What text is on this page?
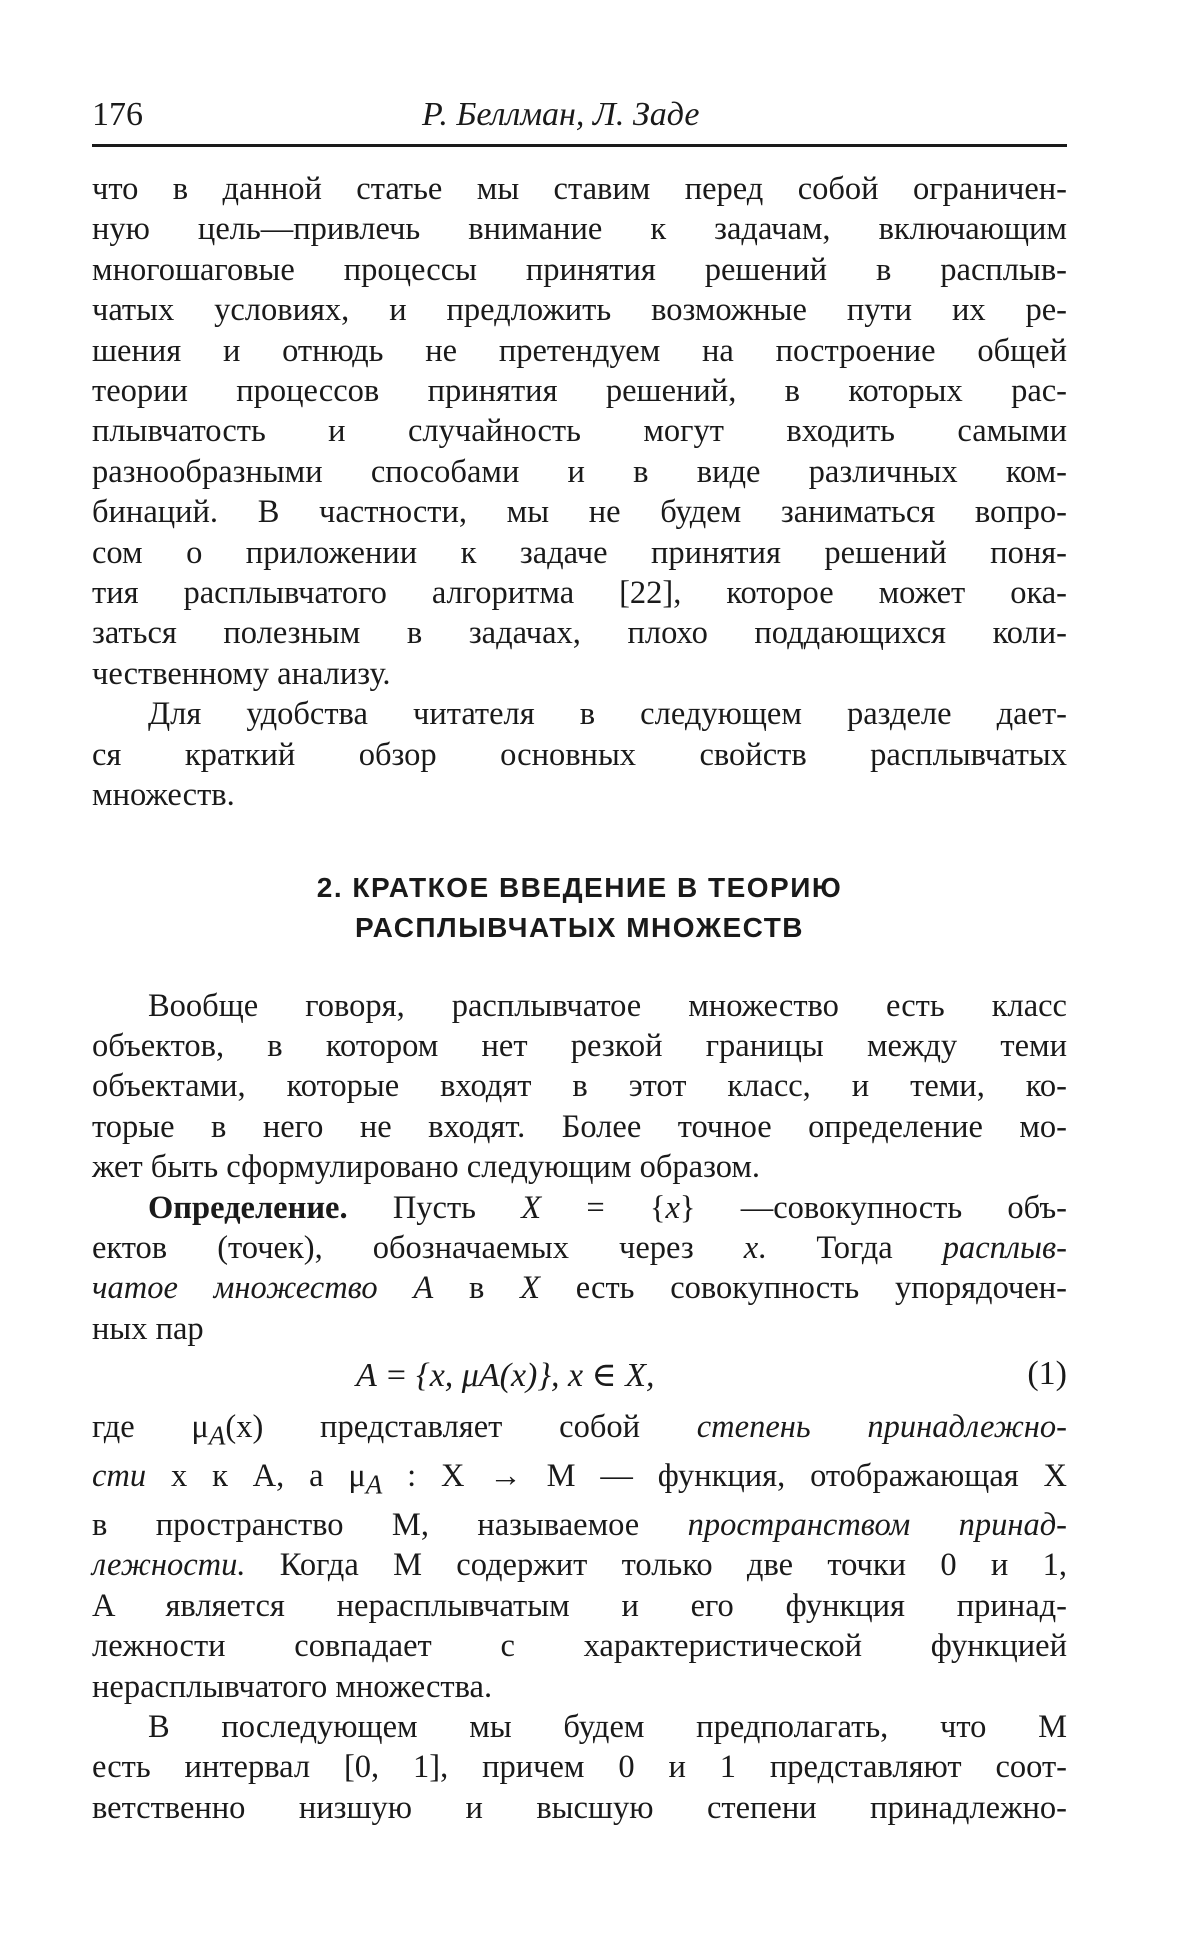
176	Р. Беллман, Л. Заде

что в данной статье мы ставим перед собой ограничен-
ную цель—привлечь внимание к задачам, включающим
многошаговые процессы принятия решений в расплыв-
чатых условиях, и предложить возможные пути их ре-
шения и отнюдь не претендуем на построение общей
теории процессов принятия решений, в которых рас-
плывчатость и случайность могут входить самыми
разнообразными способами и в виде различных ком-
бинаций. В частности, мы не будем заниматься вопро-
сом о приложении к задаче принятия решений поня-
тия расплывчатого алгоритма [22], которое может ока-
заться полезным в задачах, плохо поддающихся коли-
чественному анализу.

Для удобства читателя в следующем разделе дает-
ся краткий обзор основных свойств расплывчатых
множеств.

2. КРАТКОЕ ВВЕДЕНИЕ В ТЕОРИЮ
РАСПЛЫВЧАТЫХ МНОЖЕСТВ

Вообще говоря, расплывчатое множество есть класс
объектов, в котором нет резкой границы между теми
объектами, которые входят в этот класс, и теми, ко-
торые в него не входят. Более точное определение мо-
жет быть сформулировано следующим образом.

Определение. Пусть X = {x} —совокупность объ-
ектов (точек), обозначаемых через x. Тогда расплыв-
чатое множество A в X есть совокупность упорядочен-
ных пар

A = {x, μA(x)}, x ∈ X,	(1)

где $\mu_A(x)$ представляет собой степень принадлежно-
сти x к A, а $\mu_A$ : X → M — функция, отображающая X
в пространство M, называемое пространством принад-
лежности. Когда M содержит только две точки 0 и 1,
A является нерасплывчатым и его функция принад-
лежности совпадает с характеристической функцией
нерасплывчатого множества.

В последующем мы будем предполагать, что M
есть интервал [0, 1], причем 0 и 1 представляют соот-
ветственно низшую и высшую степени принадлежно-
